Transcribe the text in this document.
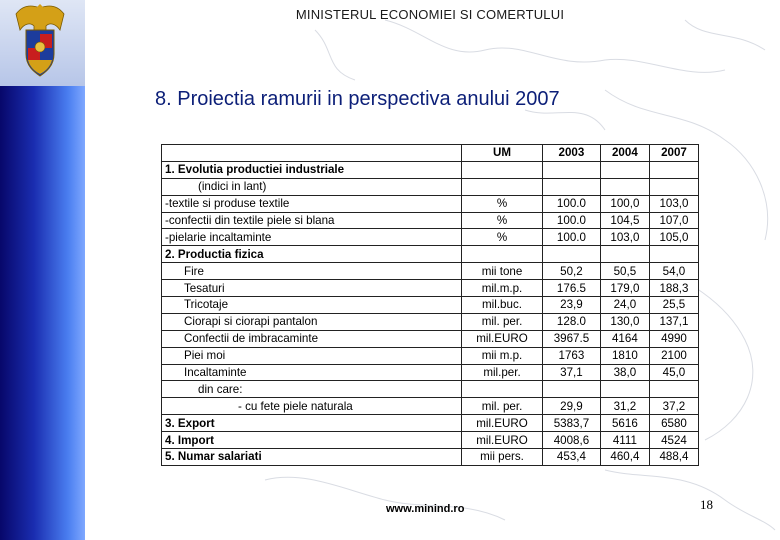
MINISTERUL ECONOMIEI SI COMERTULUI
8. Proiectia ramurii in perspectiva anului 2007
	UM	2003	2004	2007
1. Evolutia productiei industriale				
(indici in lant)				
-textile si produse textile	%	100.0	100,0	103,0
-confectii din textile piele si blana	%	100.0	104,5	107,0
-pielarie incaltaminte	%	100.0	103,0	105,0
2. Productia fizica				
Fire	mii tone	50,2	50,5	54,0
Tesaturi	mil.m.p.	176.5	179,0	188,3
Tricotaje	mil.buc.	23,9	24,0	25,5
Ciorapi si ciorapi pantalon	mil. per.	128.0	130,0	137,1
Confectii de imbracaminte	mil.EURO	3967.5	4164	4990
Piei moi	mii m.p.	1763	1810	2100
Incaltaminte	mil.per.	37,1	38,0	45,0
din care:				
- cu fete piele naturala	mil. per.	29,9	31,2	37,2
3. Export	mil.EURO	5383,7	5616	6580
4. Import	mil.EURO	4008,6	4111	4524
5. Numar salariati	mii pers.	453,4	460,4	488,4
www.minind.ro	18
